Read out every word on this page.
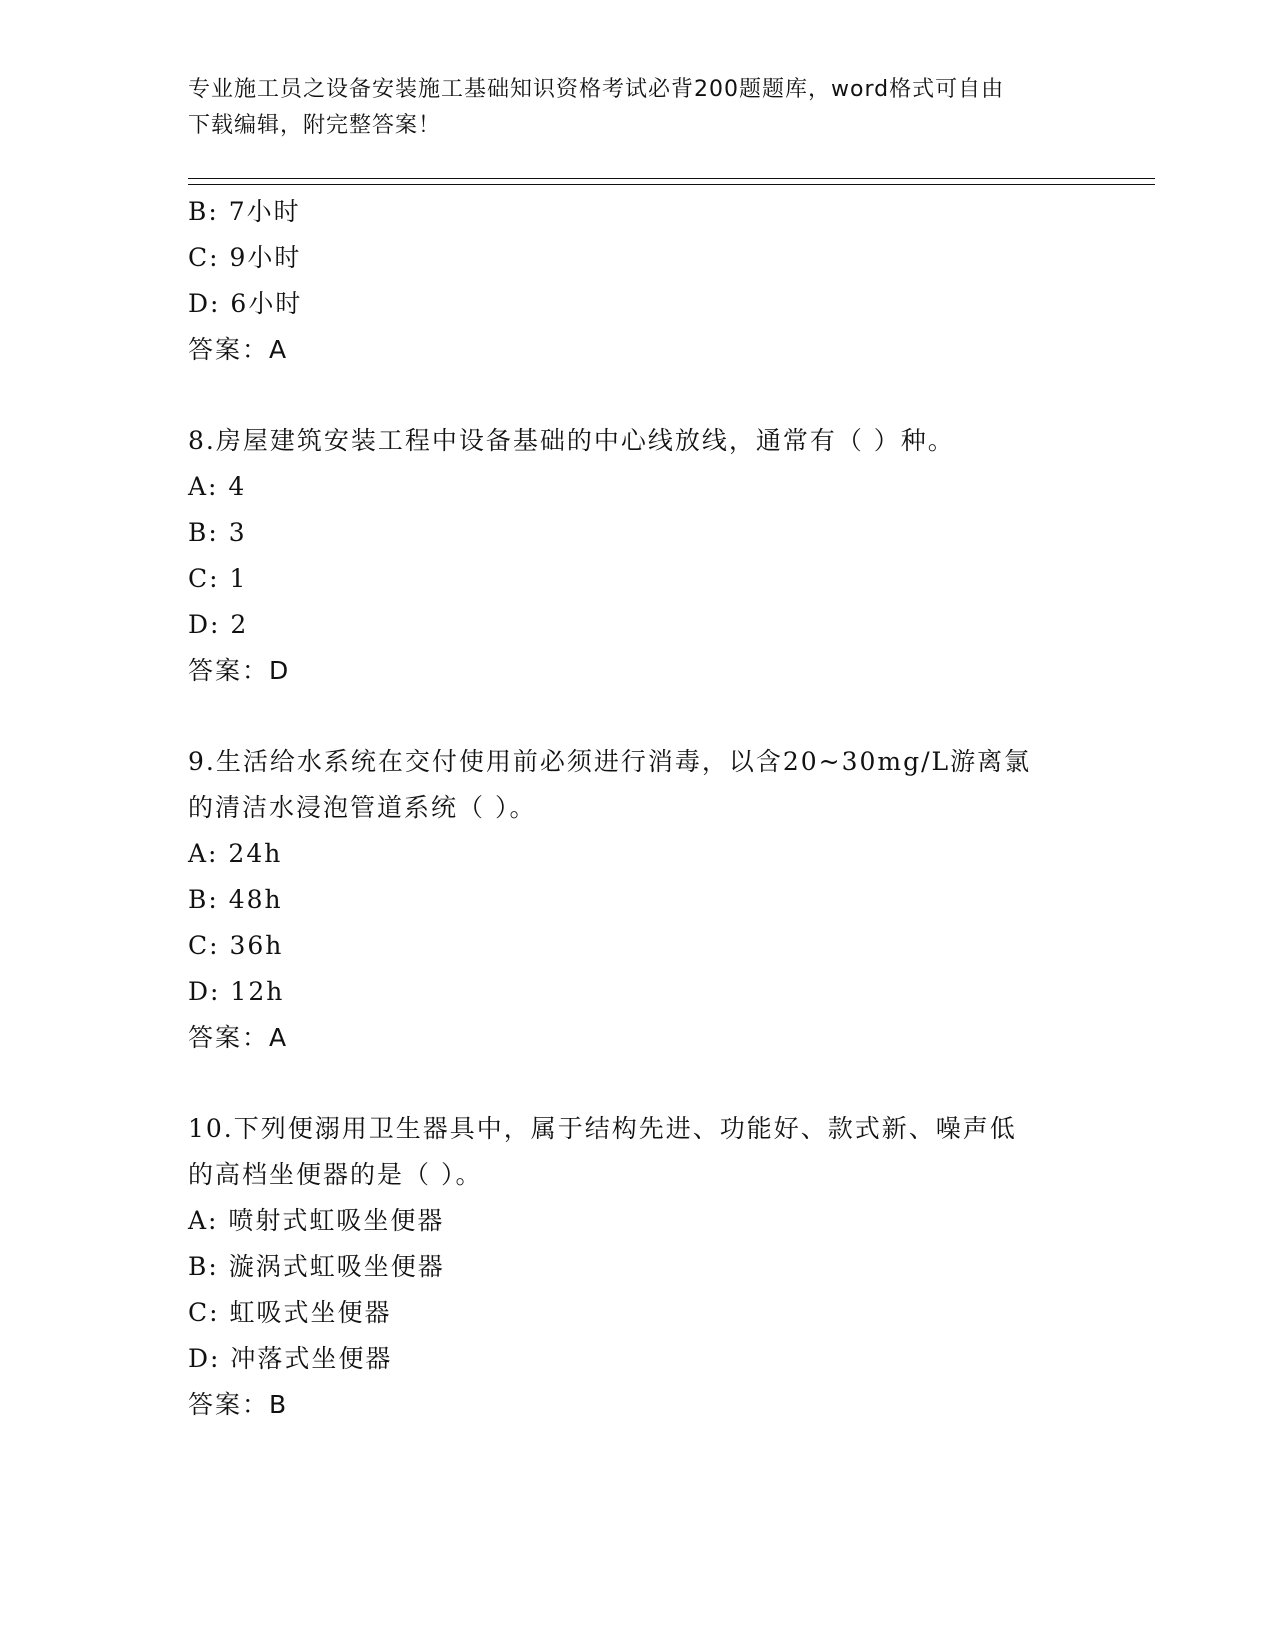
专业施工员之设备安装施工基础知识资格考试必背200题题库，word格式可自由
下载编辑，附完整答案！
B: 7小时
C: 9小时
D: 6小时
答案：A
8.房屋建筑安装工程中设备基础的中心线放线，通常有（ ）种。
A: 4
B: 3
C: 1
D: 2
答案：D
9.生活给水系统在交付使用前必须进行消毒，以含20~30mg/L游离氯
的清洁水浸泡管道系统（ ）。
A: 24h
B: 48h
C: 36h
D: 12h
答案：A
10.下列便溺用卫生器具中，属于结构先进、功能好、款式新、噪声低
的高档坐便器的是（ ）。
A: 喷射式虹吸坐便器
B: 漩涡式虹吸坐便器
C: 虹吸式坐便器
D: 冲落式坐便器
答案：B
